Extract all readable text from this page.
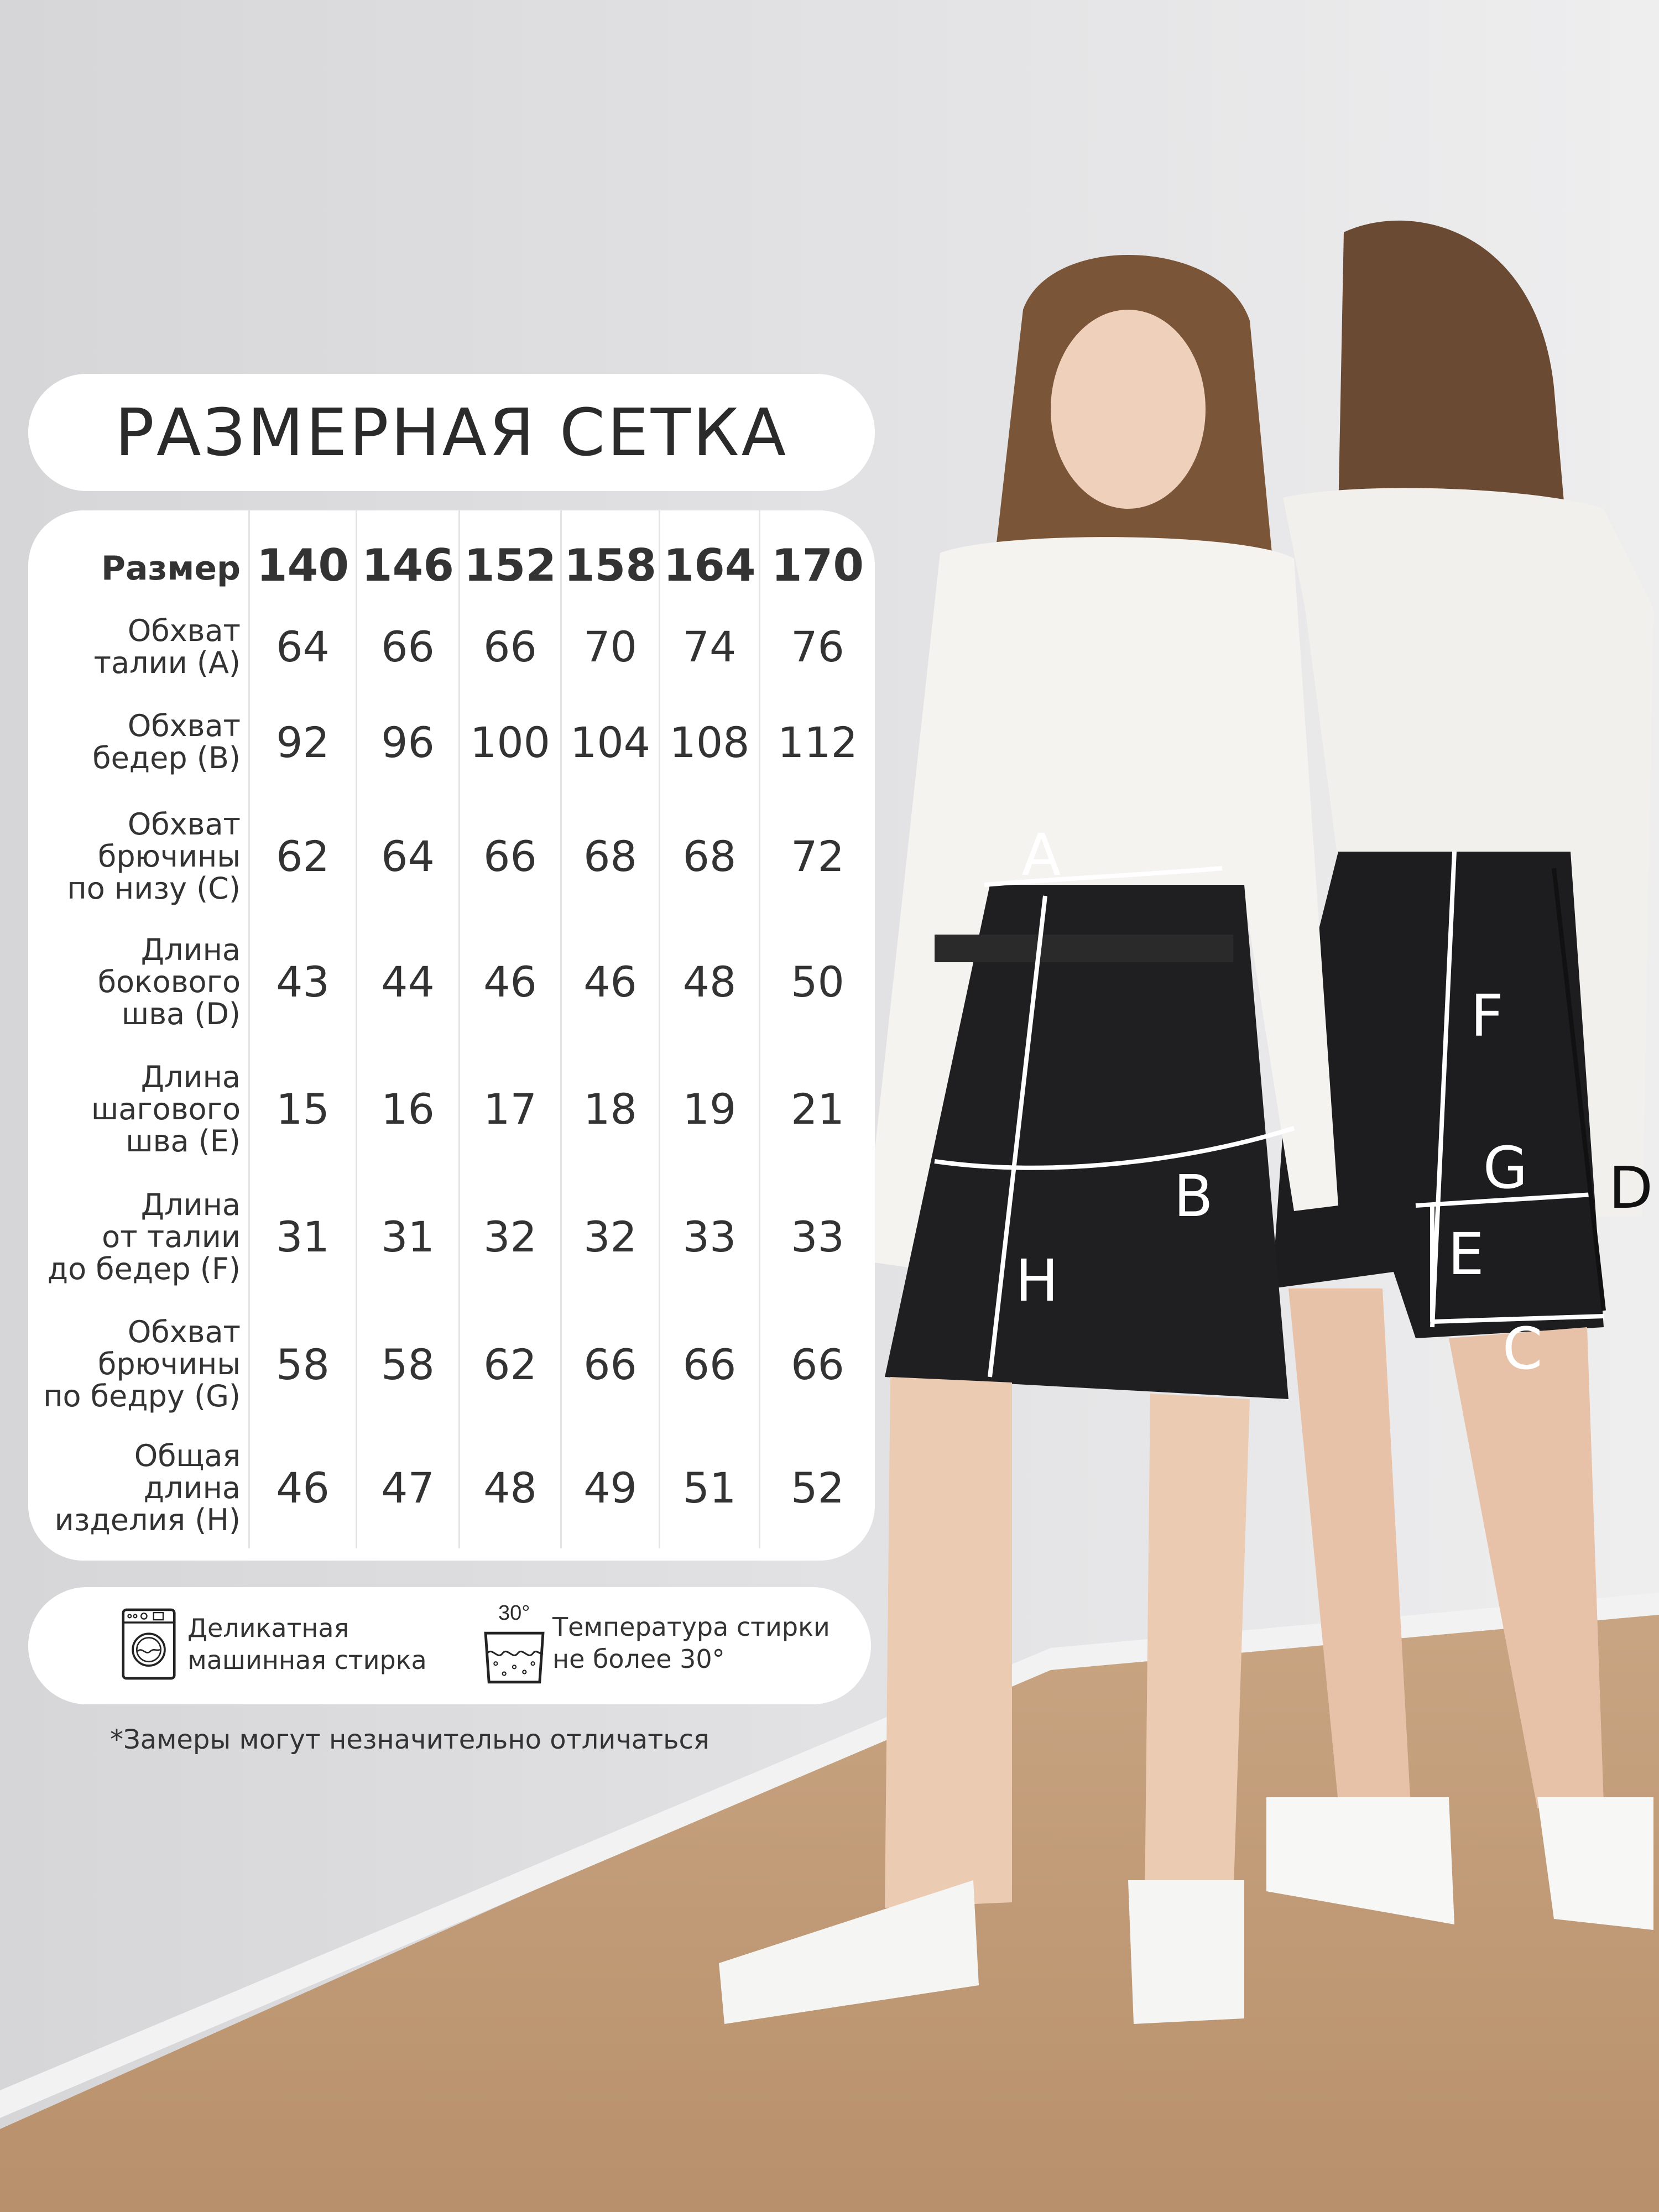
A
B
H
F
G D
E
C
РАЗМЕРНАЯ СЕТКА
Размер 140 146 152 158 164 170
Обхват
талии (A) 64	66	66	70	74	76
Обхват
бедер (B) 92	96 100 104 108 112
Обхват
брючины
по низу (C)
62	64	66	68	68	72
Длина
бокового
шва (D)
43	44	46	46	48	50
Длина
шагового
шва (E)
15	16	17	18	19	21
Длина
от талии
до бедер (F)
31	31	32	32	33	33
Обхват
брючины
по бедру (G)
58	58	62	66	66	66
Общая
длина
изделия (H)
46	47	48	49	51	52
Деликатная
машинная стирка
30° Температура стирки
не более 30°
*Замеры могут незначительно отличаться
